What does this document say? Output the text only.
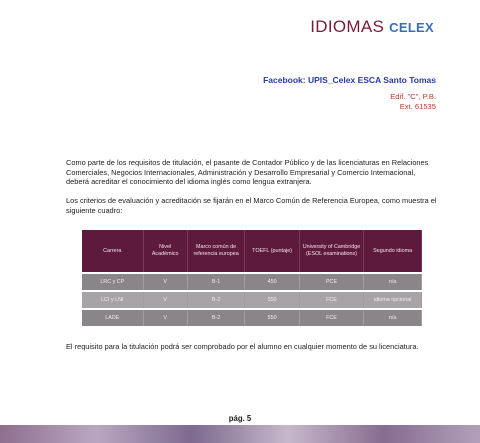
IDIOMAS CELEX
Facebook: UPIS_Celex ESCA Santo Tomas
Edif. "C", P.B.
Ext. 61535

Como parte de los requisitos de titulación, el pasante de Contador Público y de las licenciaturas en Relaciones Comerciales, Negocios Internacionales, Administración y Desarrollo Empresarial y Comercio Internacional, deberá acreditar el conocimiento del idioma inglés como lengua extranjera.

Los criterios de evaluación y acreditación se fijarán en el Marco Común de Referencia Europea, como muestra el siguiente cuadro:

Carrera	Nivel Académico	Marco común de referencia europea	TOEFL (puntaje)	University of Cambridge (ESOL examinations)	Segundo idioma
LRC y CP	V	B-1	450	PCE	n/a
LCI y LNI	V	B-2	550	FCE	idioma opcional
LADE	V	B-2	550	FCE	n/a

El requisito para la titulación podrá ser comprobado por el alumno en cualquier momento de su licenciatura.

pág. 5
